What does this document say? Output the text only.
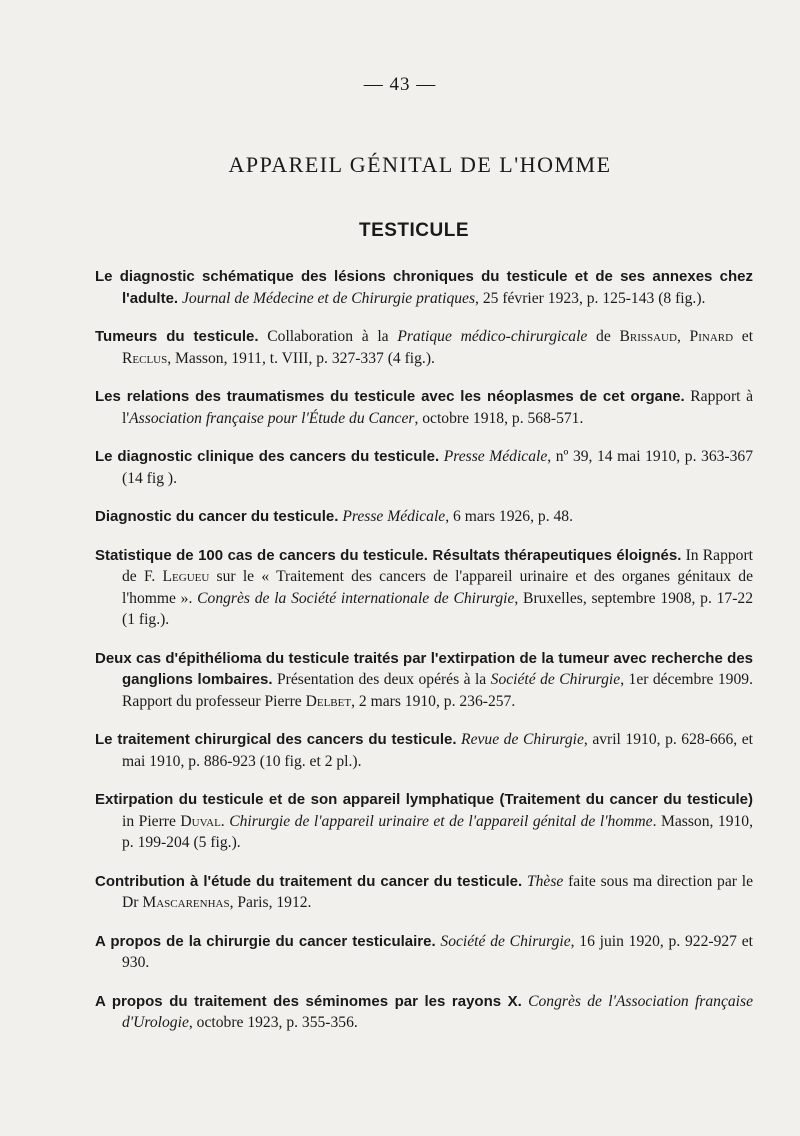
— 43 —
APPAREIL GÉNITAL DE L'HOMME
TESTICULE

Le diagnostic schématique des lésions chroniques du testicule et de ses annexes chez l'adulte. Journal de Médecine et de Chirurgie pratiques, 25 février 1923, p. 125-143 (8 fig.).

Tumeurs du testicule. Collaboration à la Pratique médico-chirurgicale de Brissaud, Pinard et Reclus, Masson, 1911, t. VIII, p. 327-337 (4 fig.).

Les relations des traumatismes du testicule avec les néoplasmes de cet organe. Rapport à l'Association française pour l'Étude du Cancer, octobre 1918, p. 568-571.

Le diagnostic clinique des cancers du testicule. Presse Médicale, nº 39, 14 mai 1910, p. 363-367 (14 fig ).

Diagnostic du cancer du testicule. Presse Médicale, 6 mars 1926, p. 48.

Statistique de 100 cas de cancers du testicule. Résultats thérapeutiques éloignés. In Rapport de F. Legueu sur le « Traitement des cancers de l'appareil urinaire et des organes génitaux de l'homme ». Congrès de la Société internationale de Chirurgie, Bruxelles, septembre 1908, p. 17-22 (1 fig.).

Deux cas d'épithélioma du testicule traités par l'extirpation de la tumeur avec recherche des ganglions lombaires. Présentation des deux opérés à la Société de Chirurgie, 1er décembre 1909. Rapport du professeur Pierre Delbet, 2 mars 1910, p. 236-257.

Le traitement chirurgical des cancers du testicule. Revue de Chirurgie, avril 1910, p. 628-666, et mai 1910, p. 886-923 (10 fig. et 2 pl.).

Extirpation du testicule et de son appareil lymphatique (Traitement du cancer du testicule) in Pierre Duval. Chirurgie de l'appareil urinaire et de l'appareil génital de l'homme. Masson, 1910, p. 199-204 (5 fig.).

Contribution à l'étude du traitement du cancer du testicule. Thèse faite sous ma direction par le Dr Mascarenhas, Paris, 1912.

A propos de la chirurgie du cancer testiculaire. Société de Chirurgie, 16 juin 1920, p. 922-927 et 930.

A propos du traitement des séminomes par les rayons X. Congrès de l'Association française d'Urologie, octobre 1923, p. 355-356.
